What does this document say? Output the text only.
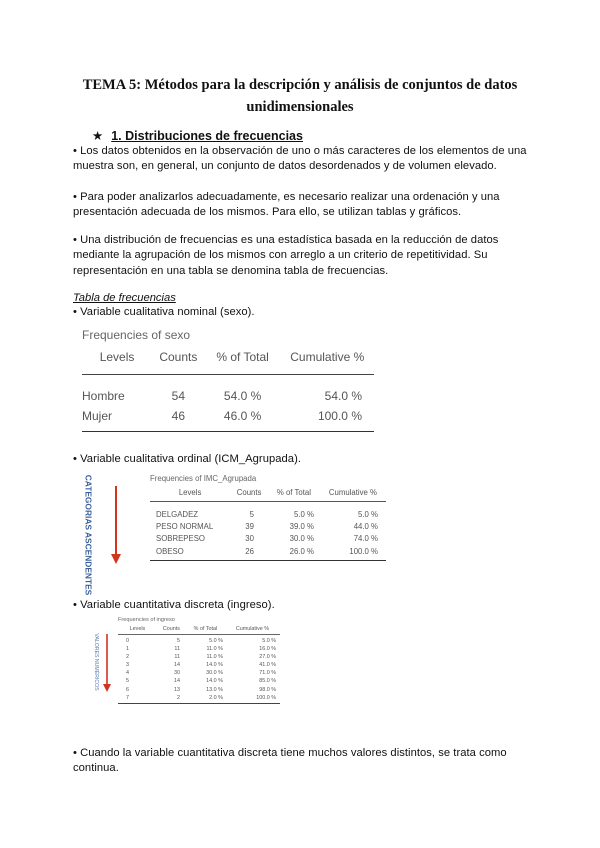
TEMA 5: Métodos para la descripción y análisis de conjuntos de datos
unidimensionales
★ 1. Distribuciones de frecuencias
• Los datos obtenidos en la observación de uno o más caracteres de los elementos de una muestra son, en general, un conjunto de datos desordenados y de volumen elevado.
• Para poder analizarlos adecuadamente, es necesario realizar una ordenación y una presentación adecuada de los mismos. Para ello, se utilizan tablas y gráficos.
• Una distribución de frecuencias es una estadística basada en la reducción de datos mediante la agrupación de los mismos con arreglo a un criterio de repetitividad. Su representación en una tabla se denomina tabla de frecuencias.
Tabla de frecuencias
• Variable cualitativa nominal (sexo).
Frequencies of sexo
Levels	Counts	% of Total	Cumulative %
Hombre	54	54.0 %	54.0 %
Mujer	46	46.0 %	100.0 %
• Variable cualitativa ordinal (ICM_Agrupada).
CATEGORIAS ASCENDENTES	Frequencies of IMC_Agrupada
Levels	Counts	% of Total	Cumulative %
DELGADEZ	5	5.0 %	5.0 %
PESO NORMAL	39	39.0 %	44.0 %
SOBREPESO	30	30.0 %	74.0 %
OBESO	26	26.0 %	100.0 %
• Variable cuantitativa discreta (ingreso).
VALORES NUMÉRICOS
Frequencies of ingreso
Levels	Counts	% of Total	Cumulative %
0	5	5.0 %	5.0 %
1	11	11.0 %	16.0 %
2	11	11.0 %	27.0 %
3	14	14.0 %	41.0 %
4	30	30.0 %	71.0 %
5	14	14.0 %	85.0 %
6	13	13.0 %	98.0 %
7	2	2.0 %	100.0 %
• Cuando la variable cuantitativa discreta tiene muchos valores distintos, se trata como continua.
